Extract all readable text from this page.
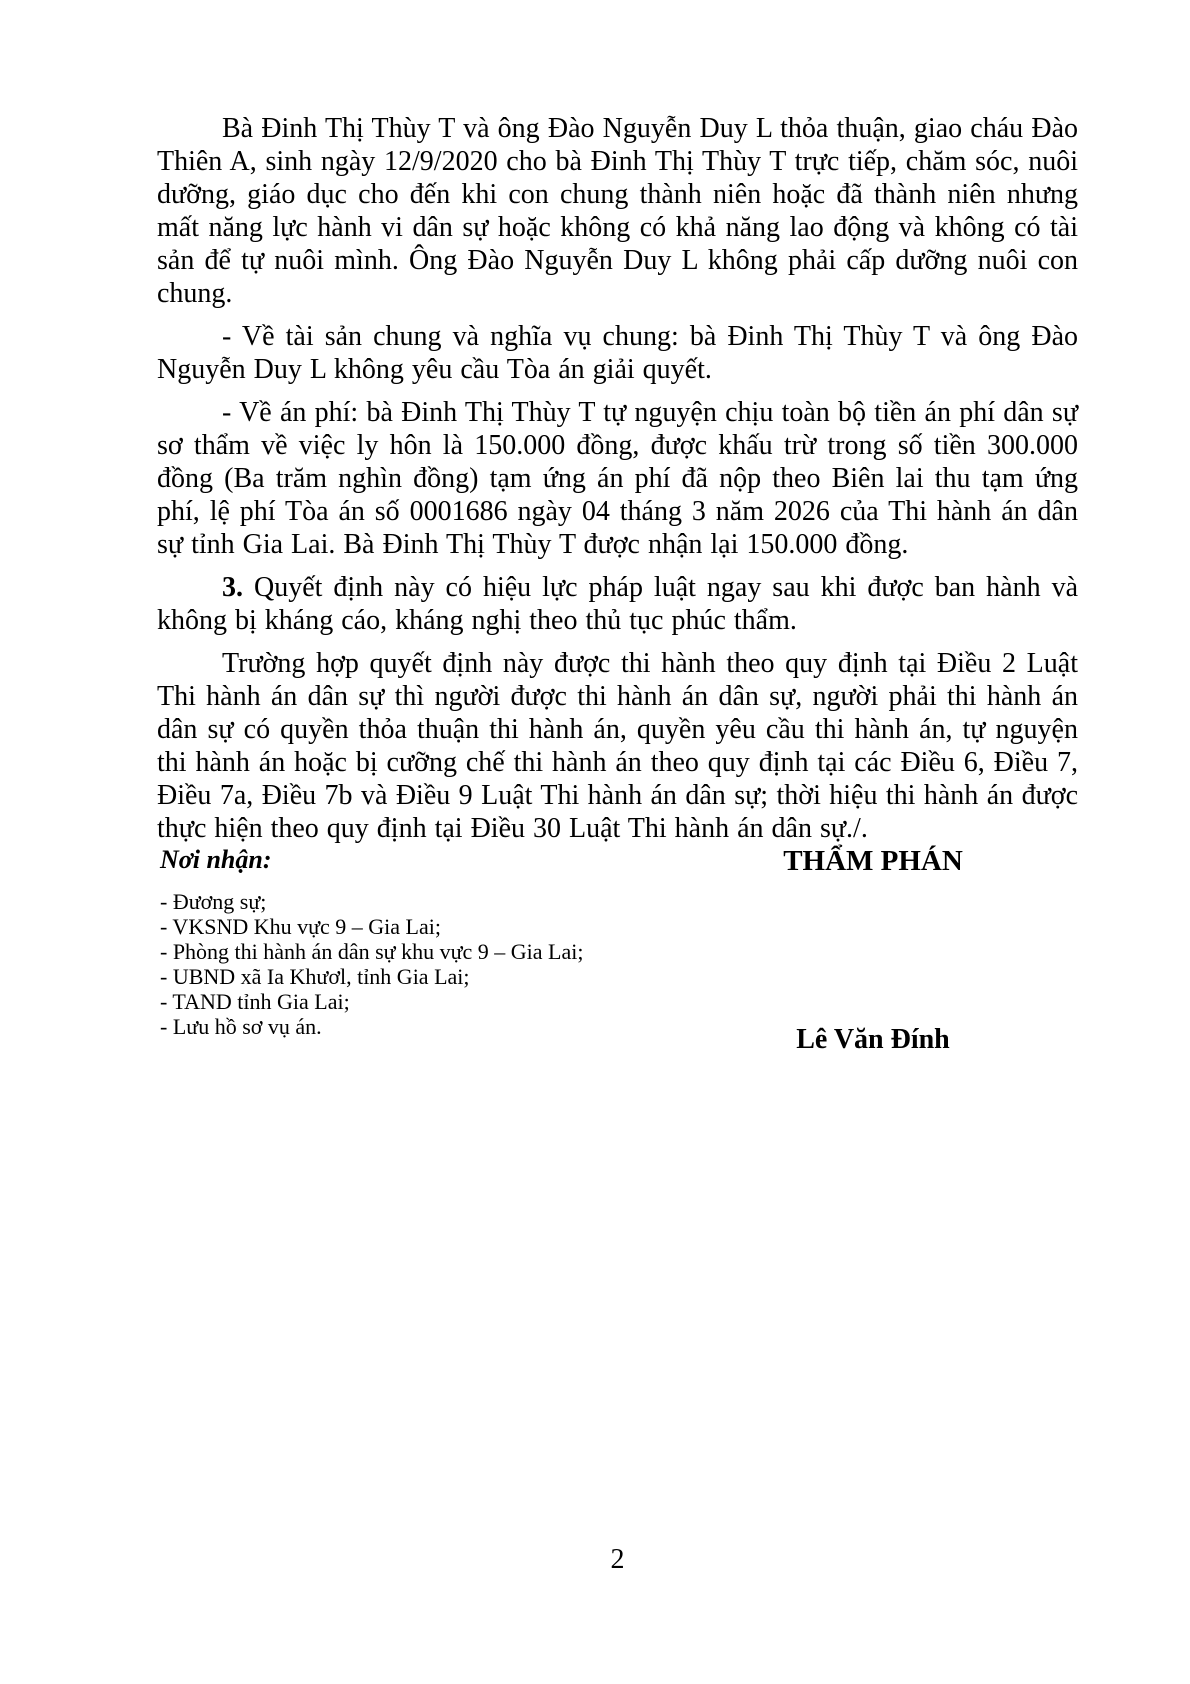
Bà Đinh Thị Thùy T và ông Đào Nguyễn Duy L thỏa thuận, giao cháu Đào Thiên A, sinh ngày 12/9/2020 cho bà Đinh Thị Thùy T trực tiếp, chăm sóc, nuôi dưỡng, giáo dục cho đến khi con chung thành niên hoặc đã thành niên nhưng mất năng lực hành vi dân sự hoặc không có khả năng lao động và không có tài sản để tự nuôi mình. Ông Đào Nguyễn Duy L không phải cấp dưỡng nuôi con chung.

- Về tài sản chung và nghĩa vụ chung: bà Đinh Thị Thùy T và ông Đào Nguyễn Duy L không yêu cầu Tòa án giải quyết.

- Về án phí: bà Đinh Thị Thùy T tự nguyện chịu toàn bộ tiền án phí dân sự sơ thẩm về việc ly hôn là 150.000 đồng, được khấu trừ trong số tiền 300.000 đồng (Ba trăm nghìn đồng) tạm ứng án phí đã nộp theo Biên lai thu tạm ứng phí, lệ phí Tòa án số 0001686 ngày 04 tháng 3 năm 2026 của Thi hành án dân sự tỉnh Gia Lai. Bà Đinh Thị Thùy T được nhận lại 150.000 đồng.

3. Quyết định này có hiệu lực pháp luật ngay sau khi được ban hành và không bị kháng cáo, kháng nghị theo thủ tục phúc thẩm.

Trường hợp quyết định này được thi hành theo quy định tại Điều 2 Luật Thi hành án dân sự thì người được thi hành án dân sự, người phải thi hành án dân sự có quyền thỏa thuận thi hành án, quyền yêu cầu thi hành án, tự nguyện thi hành án hoặc bị cưỡng chế thi hành án theo quy định tại các Điều 6, Điều 7, Điều 7a, Điều 7b và Điều 9 Luật Thi hành án dân sự; thời hiệu thi hành án được thực hiện theo quy định tại Điều 30 Luật Thi hành án dân sự./.

Nơi nhận:
- Đương sự;
- VKSND Khu vực 9 – Gia Lai;
- Phòng thi hành án dân sự khu vực 9 – Gia Lai;
- UBND xã Ia Khươl, tỉnh Gia Lai;
- TAND tỉnh Gia Lai;
- Lưu hồ sơ vụ án.
THẨM PHÁN
Lê Văn Đính
2
